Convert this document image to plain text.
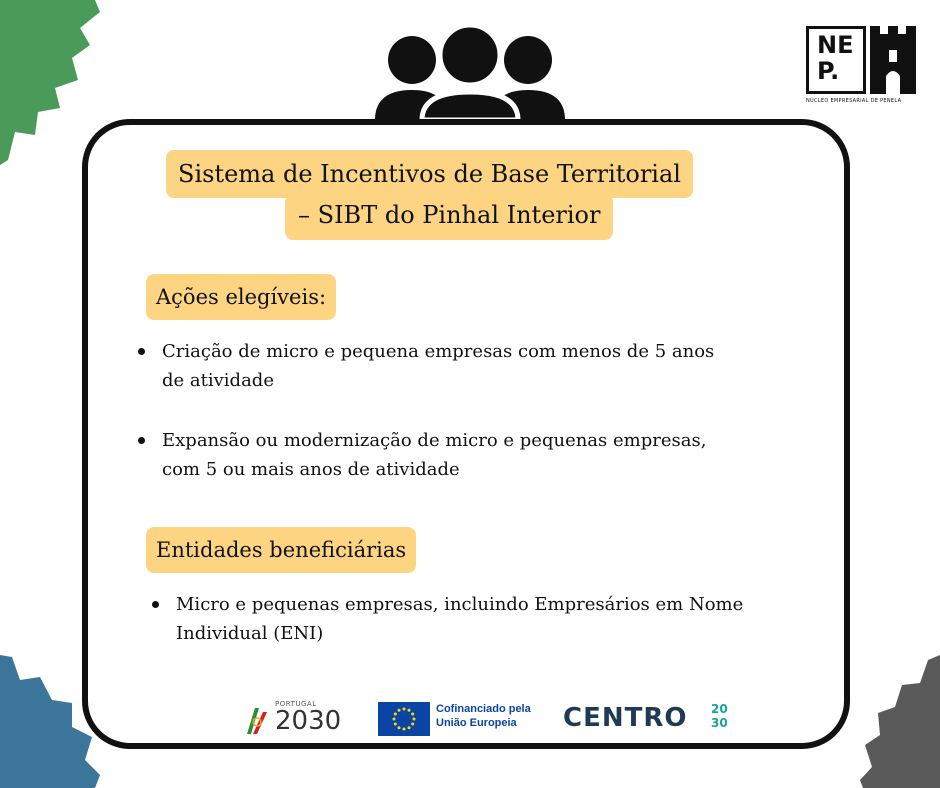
NE
P.
NÚCLEO EMPRESARIAL DE PENELA
Sistema de Incentivos de Base Territorial
– SIBT do Pinhal Interior
Ações elegíveis:
Criação de micro e pequena empresas com menos de 5 anos
de atividade
Expansão ou modernização de micro e pequenas empresas,
com 5 ou mais anos de atividade
Entidades beneficiárias
Micro e pequenas empresas, incluindo Empresários em Nome
Individual (ENI)
PORTUGAL
2030	Cofinanciado pela
União Europeia CENTRO 20
30
